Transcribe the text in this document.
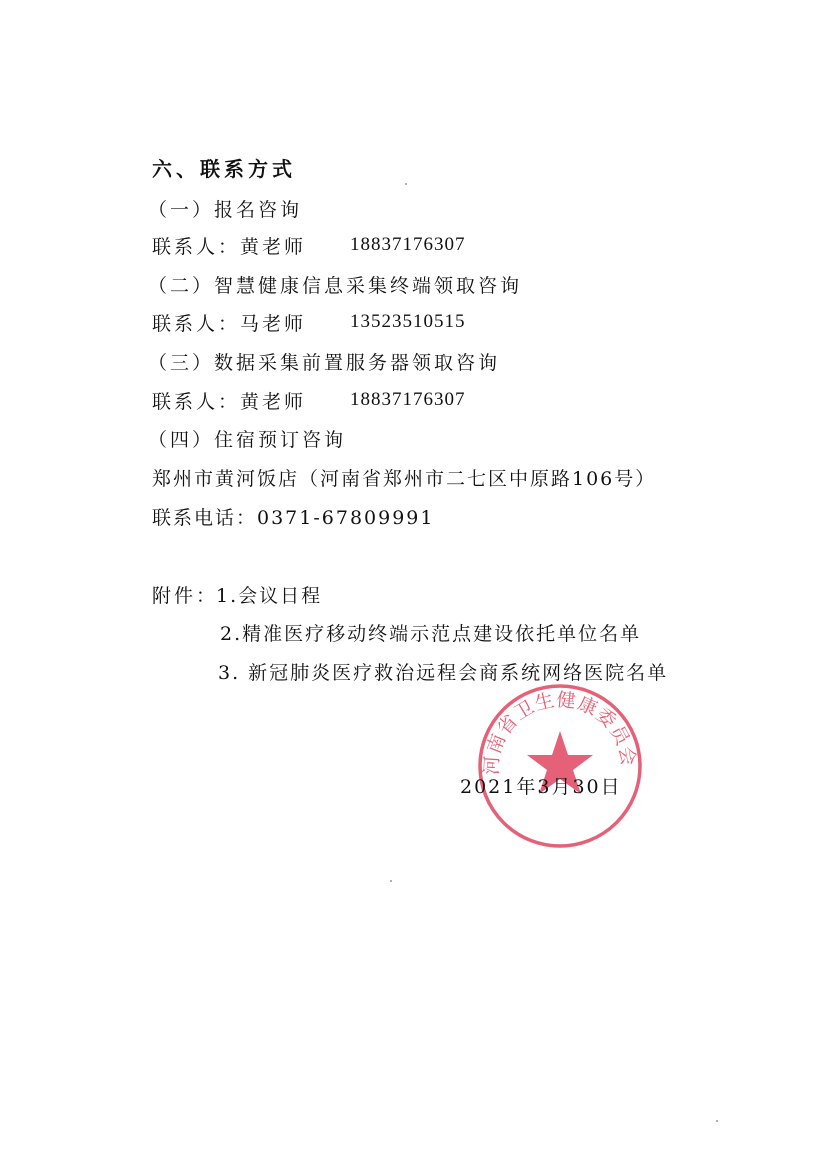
六、联系方式
（一）报名咨询
联系人：黄老师 18837176307
（二）智慧健康信息采集终端领取咨询
联系人：马老师 13523510515
（三）数据采集前置服务器领取咨询
联系人：黄老师 18837176307
（四）住宿预订咨询
郑州市黄河饭店（河南省郑州市二七区中原路106号）
联系电话：0371-67809991
附件：
1.会议日程
2.精准医疗移动终端示范点建设依托单位名单
3. 新冠肺炎医疗救治远程会商系统网络医院名单
河南省卫生健康委员会
2021年3月30日
